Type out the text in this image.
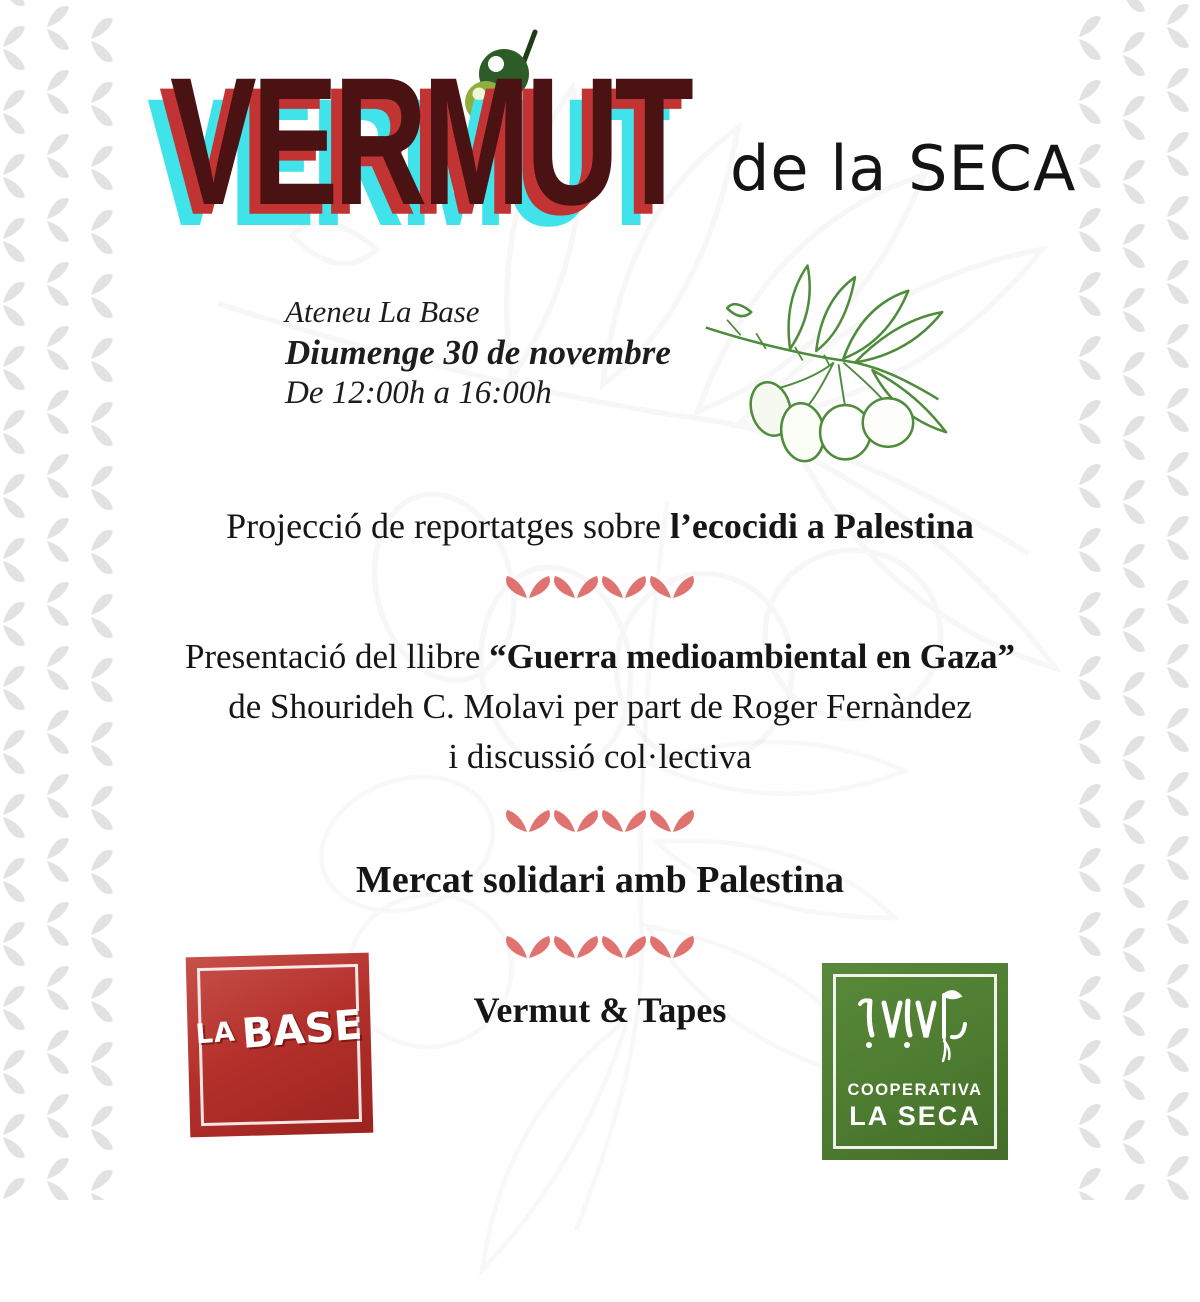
VERMUT de la SECA
Ateneu La Base
Diumenge 30 de novembre
De 12:00h a 16:00h
Projecció de reportatges sobre l’ecocidi a Palestina
Presentació del llibre “Guerra medioambiental en Gaza”
de Shourideh C. Molavi per part de Roger Fernàndez
i discussió col·lectiva
Mercat solidari amb Palestina
Vermut & Tapes
LABASE
COOPERATIVA
LA SECA
